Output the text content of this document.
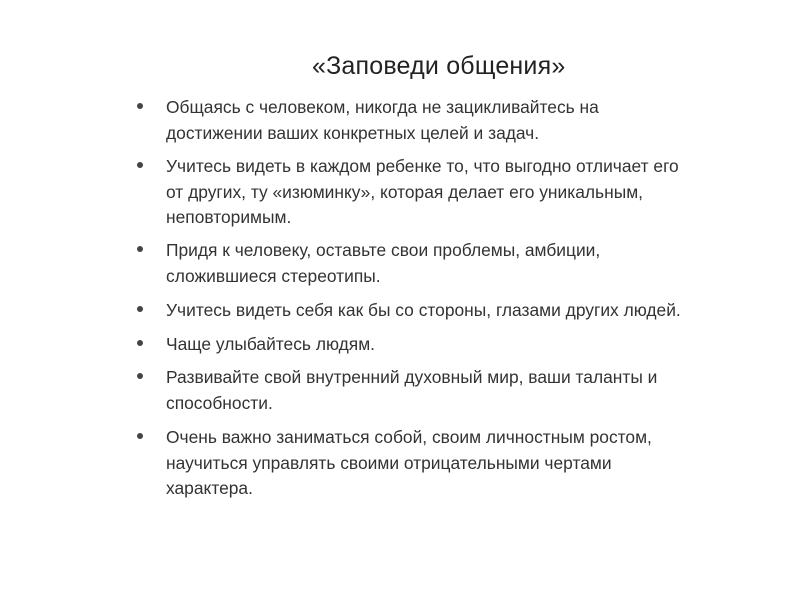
«Заповеди общения»
Общаясь с человеком, никогда не зацикливайтесь на
достижении ваших конкретных целей и задач.
Учитесь видеть в каждом ребенке то, что выгодно отличает его
от других, ту «изюминку», которая делает его уникальным,
неповторимым.
Придя к человеку, оставьте свои проблемы, амбиции,
сложившиеся стереотипы.
Учитесь видеть себя как бы со стороны, глазами других людей.
Чаще улыбайтесь людям.
Развивайте свой внутренний духовный мир, ваши таланты и
способности.
Очень важно заниматься собой, своим личностным ростом,
научиться управлять своими отрицательными чертами
характера.
